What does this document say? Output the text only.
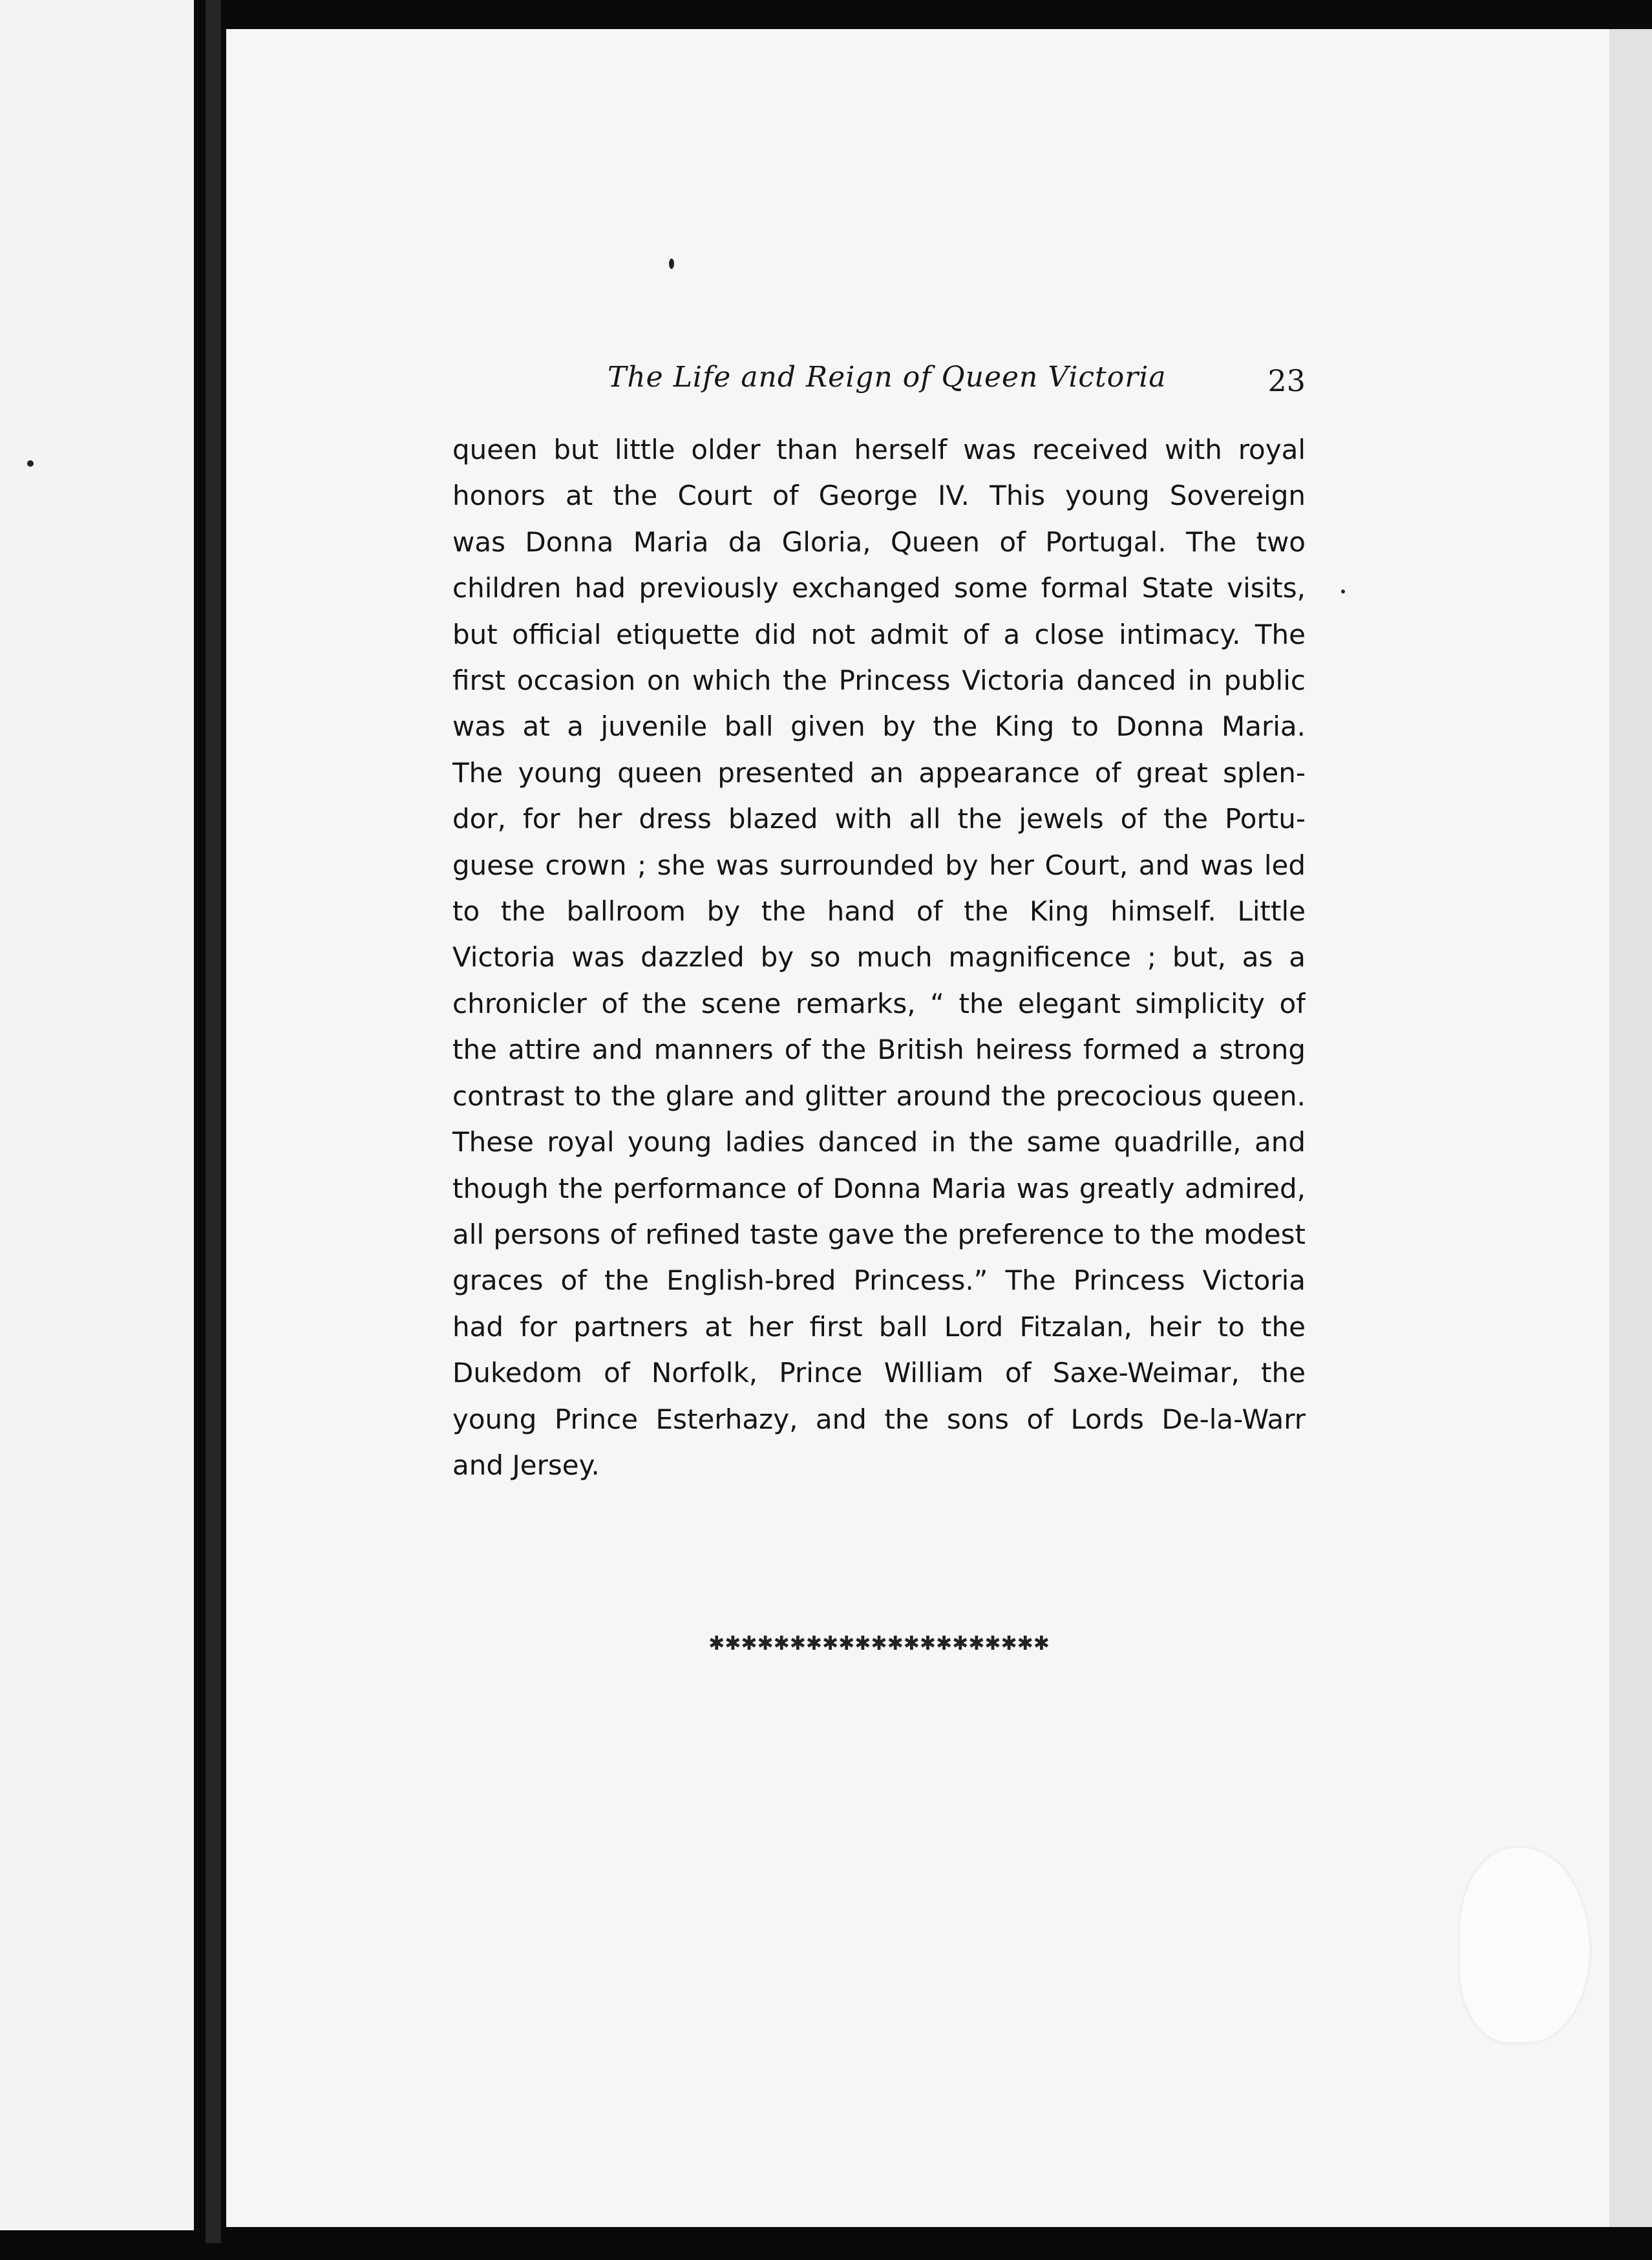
The Life and Reign of Queen Victoria	23
queen but little older than herself was received with royal
honors at the Court of George IV. This young Sovereign
was Donna Maria da Gloria, Queen of Portugal. The two
children had previously exchanged some formal State visits,
but official etiquette did not admit of a close intimacy. The
first occasion on which the Princess Victoria danced in public
was at a juvenile ball given by the King to Donna Maria.
The young queen presented an appearance of great splen-
dor, for her dress blazed with all the jewels of the Portu-
guese crown ; she was surrounded by her Court, and was led
to the ballroom by the hand of the King himself. Little
Victoria was dazzled by so much magnificence ; but, as a
chronicler of the scene remarks, “ the elegant simplicity of
the attire and manners of the British heiress formed a strong
contrast to the glare and glitter around the precocious queen.
These royal young ladies danced in the same quadrille, and
though the performance of Donna Maria was greatly admired,
all persons of refined taste gave the preference to the modest
graces of the English-bred Princess.” The Princess Victoria
had for partners at her first ball Lord Fitzalan, heir to the
Dukedom of Norfolk, Prince William of Saxe-Weimar, the
young Prince Esterhazy, and the sons of Lords De-la-Warr
and Jersey.
✱✱✱✱✱✱✱✱✱✱✱✱✱✱✱✱✱✱✱✱✱
